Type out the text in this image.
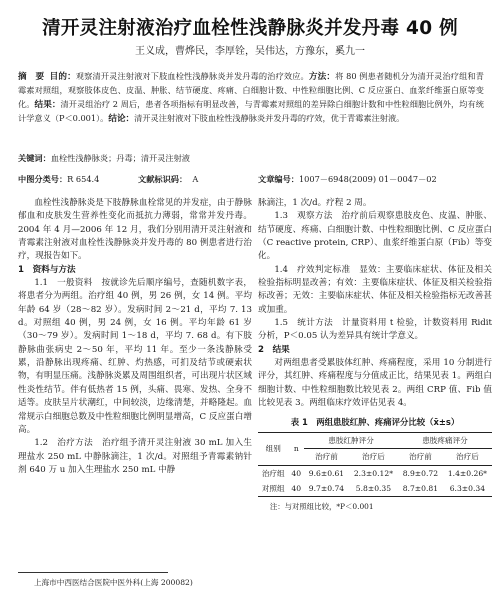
清开灵注射液治疗血栓性浅静脉炎并发丹毒 40 例
王义成，曹烨民，李厚铨，吴伟达，方豫东，奚九一
摘　要 目的：观察清开灵注射液对下肢血栓性浅静脉炎并发丹毒的治疗效应。方法：将 80 例患者随机分为清开灵治疗组和青霉素对照组，观察肢体皮色、皮温、肿胀、结节硬度、疼痛、白细胞计数、中性粒细胞比例、C 反应蛋白、血浆纤维蛋白原等变化。结果：清开灵组治疗 2 周后，患者各项指标有明显改善，与青霉素对照组的差异除白细胞计数和中性粒细胞比例外，均有统计学意义（P＜0.001）。结论：清开灵注射液对下肢血栓性浅静脉炎并发丹毒的疗效，优于青霉素注射液。
关键词：血栓性浅静脉炎；丹毒；清开灵注射液
中图分类号： R 654.4	文献标识码： A	文章编号： 1007－6948(2009) 01－0047－02

血栓性浅静脉炎是下肢静脉血栓常见的并发症，由于静脉郁血和皮肤发生营养性变化而抵抗力薄弱，常常并发丹毒。2004 年 4 月—2006 年 12 月，我们分别用清开灵注射液和青霉素注射液对血栓性浅静脉炎并发丹毒的 80 例患者进行治疗，现报告如下。

1　资料与方法

1.1　一般资料　按就诊先后顺序编号，查随机数字表，将患者分为两组。治疗组 40 例，男 26 例，女 14 例。平均年龄 64 岁（28～82 岁）。发病时间 2～21 d，平均 7. 13 d。对照组 40 例，男 24 例，女 16 例。平均年龄 61 岁（30～79 岁）。发病时间 1～18 d，平均 7. 68 d。有下肢静脉曲张病史 2～50 年，平均 11 年。至少一条浅静脉受累，沿静脉出现疼痛、红肿、灼热感，可扪及结节或硬索状物，有明显压痛。浅静脉炎累及周围组织者，可出现片状区域性炎性结节。伴有低热者 15 例，头痛、畏寒、发热、全身不适等。皮肤呈片状潮红，中间较淡，边缘清楚，并略隆起。血常规示白细胞总数及中性粒细胞比例明显增高，C 反应蛋白增高。

1.2　治疗方法　治疗组予清开灵注射液 30 mL 加入生理盐水 250 mL 中静脉滴注，1 次/d。对照组予青霉素钠针剂 640 万 u 加入生理盐水 250 mL 中静

脉滴注，1 次/d。疗程 2 周。

1.3　观察方法　治疗前后观察患肢皮色、皮温、肿胀、结节硬度、疼痛、白细胞计数、中性粒细胞比例、C 反应蛋白（C reactive protein, CRP）、血浆纤维蛋白原（Fib）等变化。

1.4　疗效判定标准　显效：主要临床症状、体征及相关检验指标明显改善；有效：主要临床症状、体征及相关检验指标改善；无效：主要临床症状、体征及相关检验指标无改善甚或加重。

1.5　统计方法　计量资料用 t 检验，计数资料用 Ridit 分析，P＜0.05 认为差异具有统计学意义。

2　结果

对两组患者受累肢体红肿、疼痛程度，采用 10 分制进行评分，其红肿、疼痛程度与分值成正比，结果见表 1。两组白细胞计数、中性粒细胞数比较见表 2。两组 CRP 值、Fib 值比较见表 3。两组临床疗效评估见表 4。

表 1　两组患肢红肿、疼痛评分比较（x̄±s）
组别	n	患肢红肿评分		患肢疼痛评分	
		治疗前	治疗后	治疗前	治疗后
治疗组	40	9.6±0.61	2.3±0.12*	8.9±0.72	1.4±0.26*
对照组	40	9.7±0.74	5.8±0.35	8.7±0.81	6.3±0.34
注：与对照组比较，*P＜0.001
上海市中西医结合医院中医外科(上海 200082)
